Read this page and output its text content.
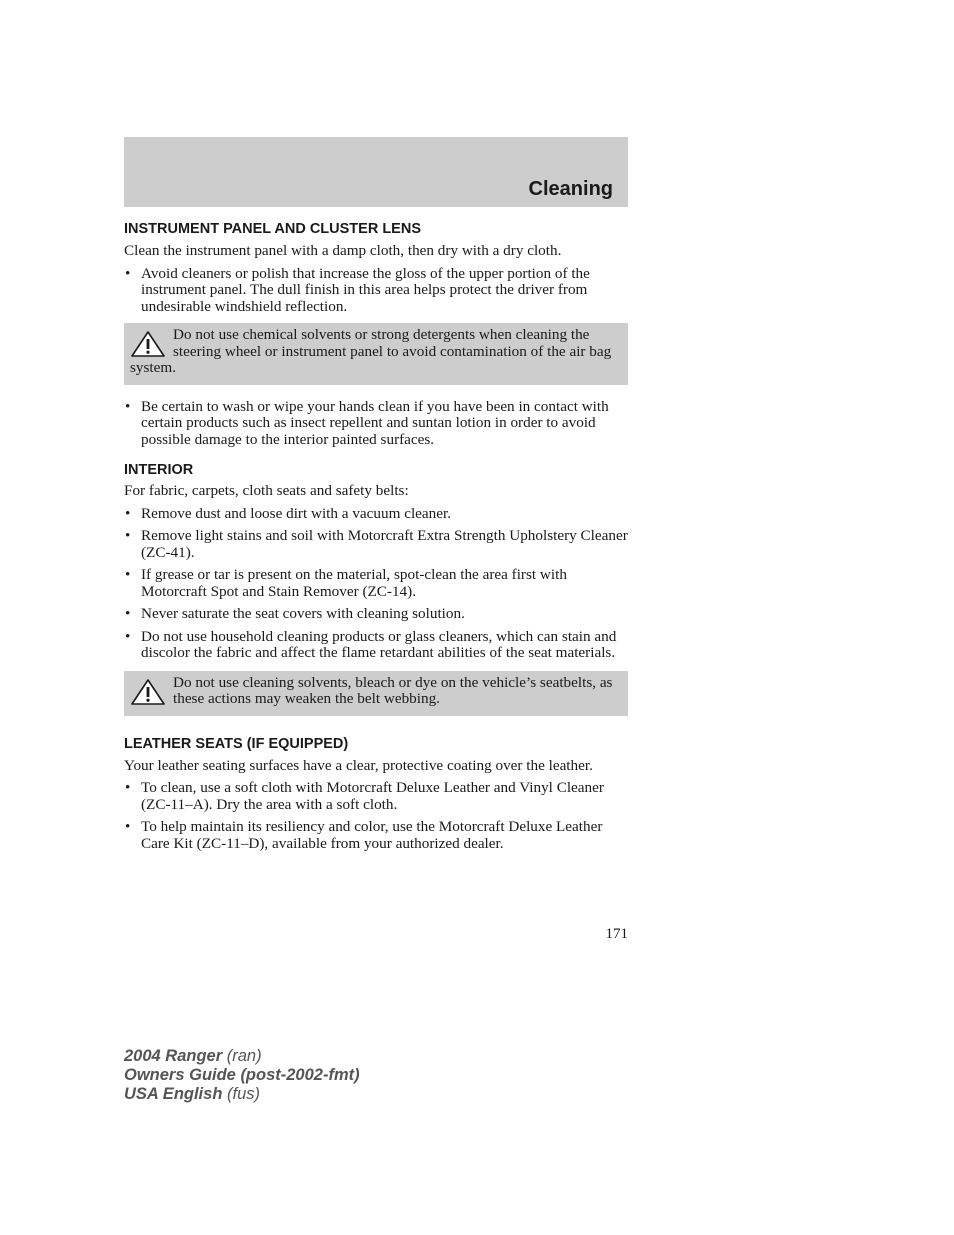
Cleaning
INSTRUMENT PANEL AND CLUSTER LENS

Clean the instrument panel with a damp cloth, then dry with a dry cloth.

• Avoid cleaners or polish that increase the gloss of the upper portion of the instrument panel. The dull finish in this area helps protect the driver from undesirable windshield reflection.
Do not use chemical solvents or strong detergents when cleaning the steering wheel or instrument panel to avoid contamination of the air bag system.
• Be certain to wash or wipe your hands clean if you have been in contact with certain products such as insect repellent and suntan lotion in order to avoid possible damage to the interior painted surfaces.
INTERIOR

For fabric, carpets, cloth seats and safety belts:

• Remove dust and loose dirt with a vacuum cleaner.
• Remove light stains and soil with Motorcraft Extra Strength Upholstery Cleaner (ZC-41).
• If grease or tar is present on the material, spot-clean the area first with Motorcraft Spot and Stain Remover (ZC-14).
• Never saturate the seat covers with cleaning solution.
• Do not use household cleaning products or glass cleaners, which can stain and discolor the fabric and affect the flame retardant abilities of the seat materials.
Do not use cleaning solvents, bleach or dye on the vehicle’s seatbelts, as these actions may weaken the belt webbing.
LEATHER SEATS (IF EQUIPPED)

Your leather seating surfaces have a clear, protective coating over the leather.

• To clean, use a soft cloth with Motorcraft Deluxe Leather and Vinyl Cleaner (ZC-11–A). Dry the area with a soft cloth.
• To help maintain its resiliency and color, use the Motorcraft Deluxe Leather Care Kit (ZC-11–D), available from your authorized dealer.
171
2004 Ranger (ran)
Owners Guide (post-2002-fmt)
USA English (fus)
